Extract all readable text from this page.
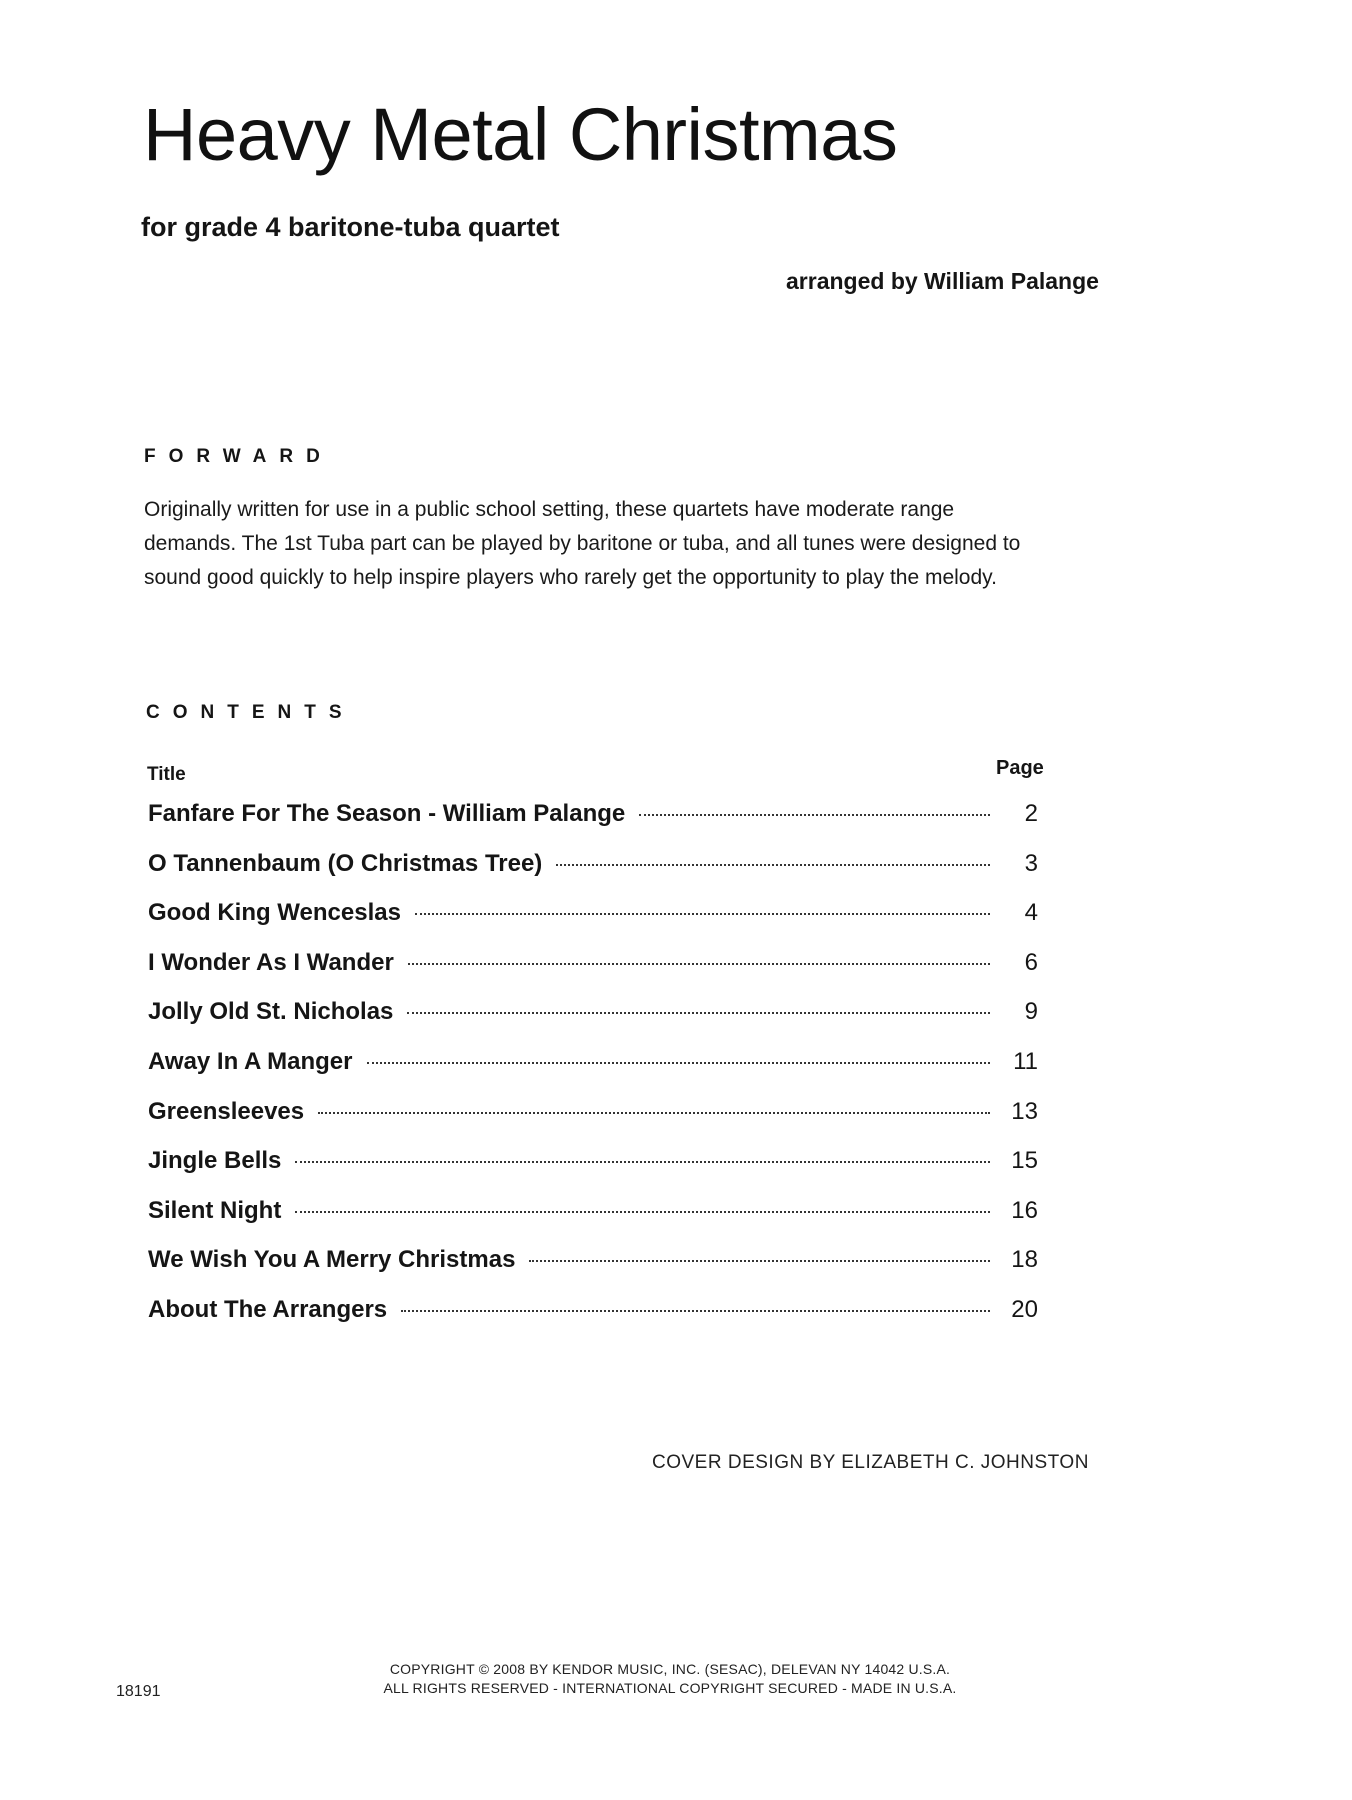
Heavy Metal Christmas
for grade 4 baritone-tuba quartet
arranged by William Palange
FORWARD
Originally written for use in a public school setting, these quartets have moderate range
demands. The 1st Tuba part can be played by baritone or tuba, and all tunes were designed to
sound good quickly to help inspire players who rarely get the opportunity to play the melody.
CONTENTS
Title	Page
Fanfare For The Season - William Palange	2
O Tannenbaum (O Christmas Tree)	3
Good King Wenceslas	4
I Wonder As I Wander	6
Jolly Old St. Nicholas	9
Away In A Manger	11
Greensleeves	13
Jingle Bells	15
Silent Night	16
We Wish You A Merry Christmas	18
About The Arrangers	20
COVER DESIGN BY ELIZABETH C. JOHNSTON
18191
COPYRIGHT © 2008 BY KENDOR MUSIC, INC. (SESAC), DELEVAN NY 14042 U.S.A.
ALL RIGHTS RESERVED - INTERNATIONAL COPYRIGHT SECURED - MADE IN U.S.A.
